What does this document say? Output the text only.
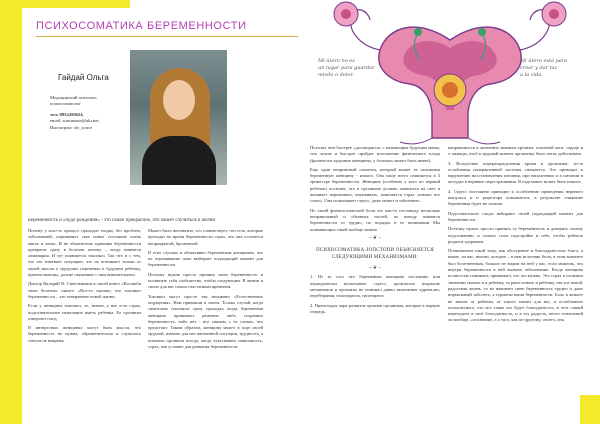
ПСИХОСОМАТИКА БЕРЕМЕННОСТИ
Гайдай Ольга
Медицинский психолог,
психосоматолог
тел: 0952450624,
email: sunsunsun@ukr.net,
Инстаграм: oly_sonce
Mi útero no es
un lugar para guardar
miedo o dolor.
Mi útero está para
crear y dar luz
a la vida.
Беременность и «чудо рождения» - это самое прекрасное, что может случиться в жизни

Почему у кого-то процесс проходит гладко, без проблем, заболеваний, переживает свое новое состояние очень мягко и легко. И не обязательно причины беременности превратят сразу в болезни почему – когда появится ламинария. И тут появляется токсикоз. Так что и с тем, что это изменяет ситуацию, что их возникает только от одной мысли о грудуших переменах в будущем ребенку, причем мышцы, долгие связанные с ним внимательных.

Доктор Валерий В. Синельников в своей книге «Возлюби свою болезнь» пишет: «Все-то сказано, что токсикоз беременности – это отвержение новой жизни.

Если у женщины токсикоз, то, значит, у нее есть страх, подсознательное нежелание иметь ребенка. Ее организм отвергает плод.

В интересных женщинах могут быть мысли, что беременность не нужна, обременительна и случилась совсем не вовремя.

Может быть непонятно, что главенствует, что есть, которые проходят во время беременности страх, что она останется неприкрытой, брошенной.

В этих случаях и объективно беременным женщинам, что их переживание само выбирает подходящий момент для беременности.

Поэтому нужно просто принять свою беременность и посвятить себя сообщество, чтобы следующим. В жизни и своих для вас самом счастливым временем.

Токсикоз могут просто так называют «Естественные ощущения». Нам привыкли в своем. Только случай, когда симптомы токсикоза сразу проходят, когда беременная женщина принимает решение либо сохранять беременность, либо нет - все связано с ее словах, что предстоит. Таким образом, женщина может в ходе своей трудной, именно для нее жизненной ситуации, трудность, а показать организм всегда, когда чувствовать зависимость, страх, как условие для развития беременности.

Поэтому чем быстрее «договорятся» с мешающим будущим мамы, тем лучше и быстрее пройдет исполнение физического плода (физически здоровые женщины, у больных может быть иначе).

Еще один неприятный симптом, который может ее похожими беременную женщину - изжога. Она чаще всего появляется в 3 триместре беременности. Женщина (особенно у кого по первый ребенок) осознает, что в организме должно появиться на свет и начинает переживать, переживать, появляется страх «начать все стать». Она испытывает стресс, даже может и заболевать.

По своей физиологической боли это как-то по-поводу несколько неправильный и обычных частей, по поводу появится беременности то трудно, по порядок в ее понимании Мы понимающих такой вообще можно.

~ ❦ ~
ПСИХОСОМАТИКА ЗОПСТОПИ ОБЪЯСНЯЕТСЯ СЛЕДУЮЩИМИ МЕХАНИЗМАМИ:
~ ❦ ~

1. Из за того что беременная женщина постоянно или периодически испытывает стресс, произошло вскрытие механизмов и организм не понимал давно включение адренализ, переберания, гипотиреоза, гипотиреоз.

2. Происходит пара развитие органов организма, которые в первую очередь.

направляются к жизненно важным органам: головной мозг, сердце и т. мышцы, чтоб в трудный момент организму было легко действовать.

3. Вследствие перераспределения крови в организме, из-за ослабления гиперактивной системы снижается. Это приводит к нарушению восстановления питания, при наполнении и в питании в желудке в нервные перестраивания. В отдельных может быть изжога.

4. Стресс постоянно приводит к ослаблению проведения нервного импульса и и рецептора повышается, в результате снижение беременная будет не полная.

Подсознательно следы набирают своей подходящий момент для беременности.

Поэтому нужно просто принять ту беременность и доверять своему подсознанию, и сильно стать подстройке и себе, чтобы ребенок родился здоровым.

Пониманием такой тому, как обострение и благодарностью благо, а иначе, ли вас, нигово, которое – в нем источник боли, в этом моменте был болезненным, больше не видим на ней у вас, если можешь, что внутри беременности в ней вызвать заболевание. Когда женщина полностью понимает, принимает, что это нужно. Это страх в сложном значении сказать и к ребенку, то рано понять и ребенку, так и в новой, радостная жизнь, то во начинает свою беременность трудно и даже нормальный заболеть, а гормоны ваши беременности. Боль в животе не значит от ребенка, от такого значит для вас, и ослабленное психического, что все такие это будет благодатность, в этот самый переходите в своё благодатность, и в эту радость, нечто отношений ли вообще, «осознание, а о того, как по-другому, своего, она.
